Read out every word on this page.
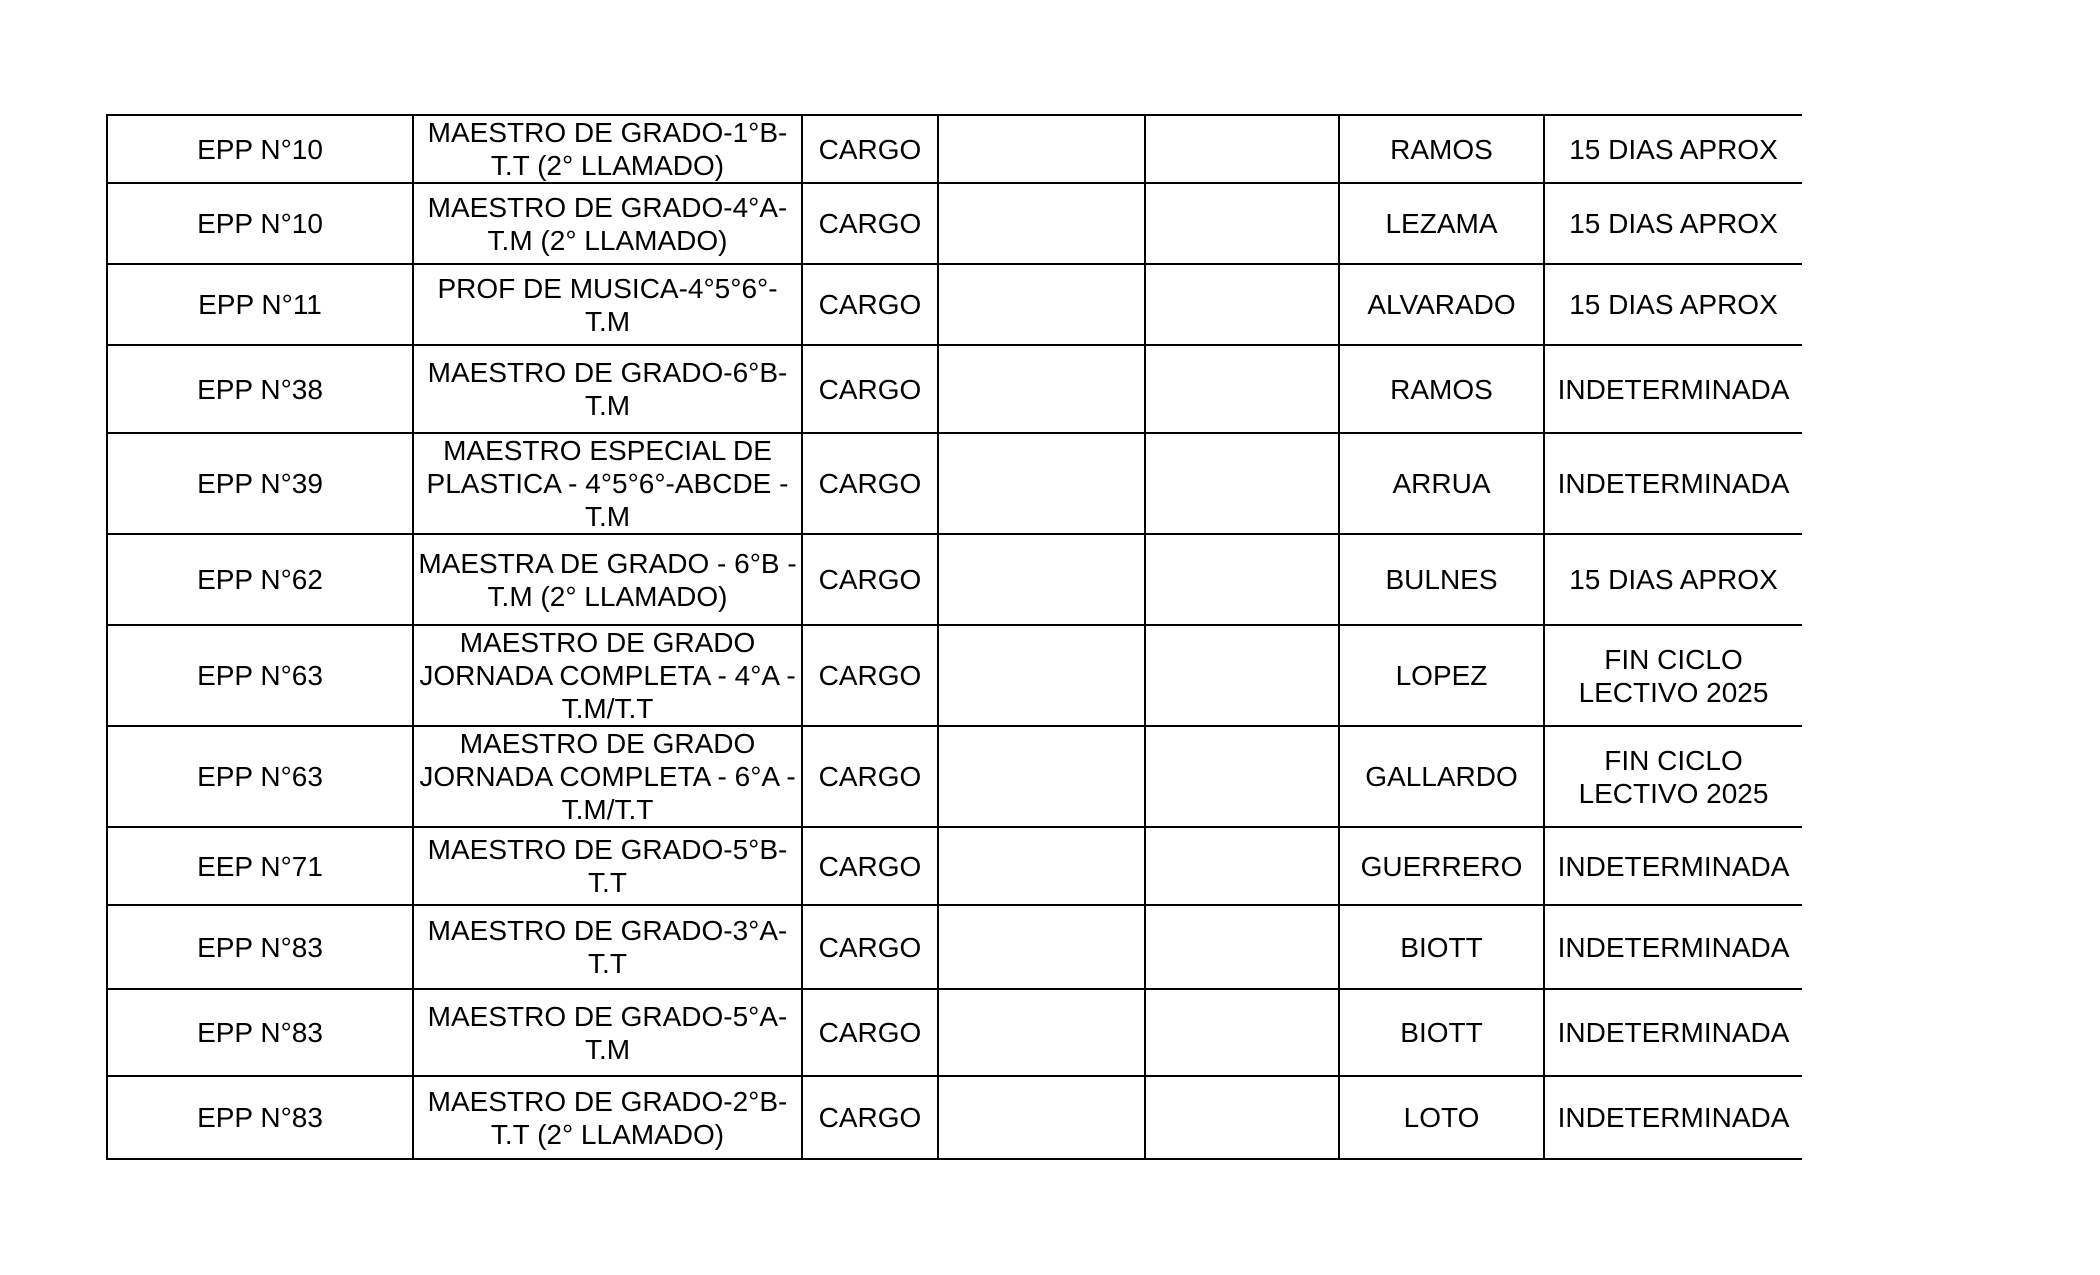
EPP N°10	MAESTRO DE GRADO-1°B-T.T (2° LLAMADO)	CARGO			RAMOS	15 DIAS APROX
EPP N°10	MAESTRO DE GRADO-4°A-T.M (2° LLAMADO)	CARGO			LEZAMA	15 DIAS APROX
EPP N°11	PROF DE MUSICA-4°5°6°-T.M	CARGO			ALVARADO	15 DIAS APROX
EPP N°38	MAESTRO DE GRADO-6°B-T.M	CARGO			RAMOS	INDETERMINADA
EPP N°39	MAESTRO ESPECIAL DE PLASTICA - 4°5°6°-ABCDE - T.M	CARGO			ARRUA	INDETERMINADA
EPP N°62	MAESTRA DE GRADO - 6°B - T.M (2° LLAMADO)	CARGO			BULNES	15 DIAS APROX
EPP N°63	MAESTRO DE GRADO JORNADA COMPLETA - 4°A - T.M/T.T	CARGO			LOPEZ	FIN CICLO LECTIVO 2025
EPP N°63	MAESTRO DE GRADO JORNADA COMPLETA - 6°A - T.M/T.T	CARGO			GALLARDO	FIN CICLO LECTIVO 2025
EEP N°71	MAESTRO DE GRADO-5°B-T.T	CARGO			GUERRERO	INDETERMINADA
EPP N°83	MAESTRO DE GRADO-3°A-T.T	CARGO			BIOTT	INDETERMINADA
EPP N°83	MAESTRO DE GRADO-5°A-T.M	CARGO			BIOTT	INDETERMINADA
EPP N°83	MAESTRO DE GRADO-2°B-T.T (2° LLAMADO)	CARGO			LOTO	INDETERMINADA
